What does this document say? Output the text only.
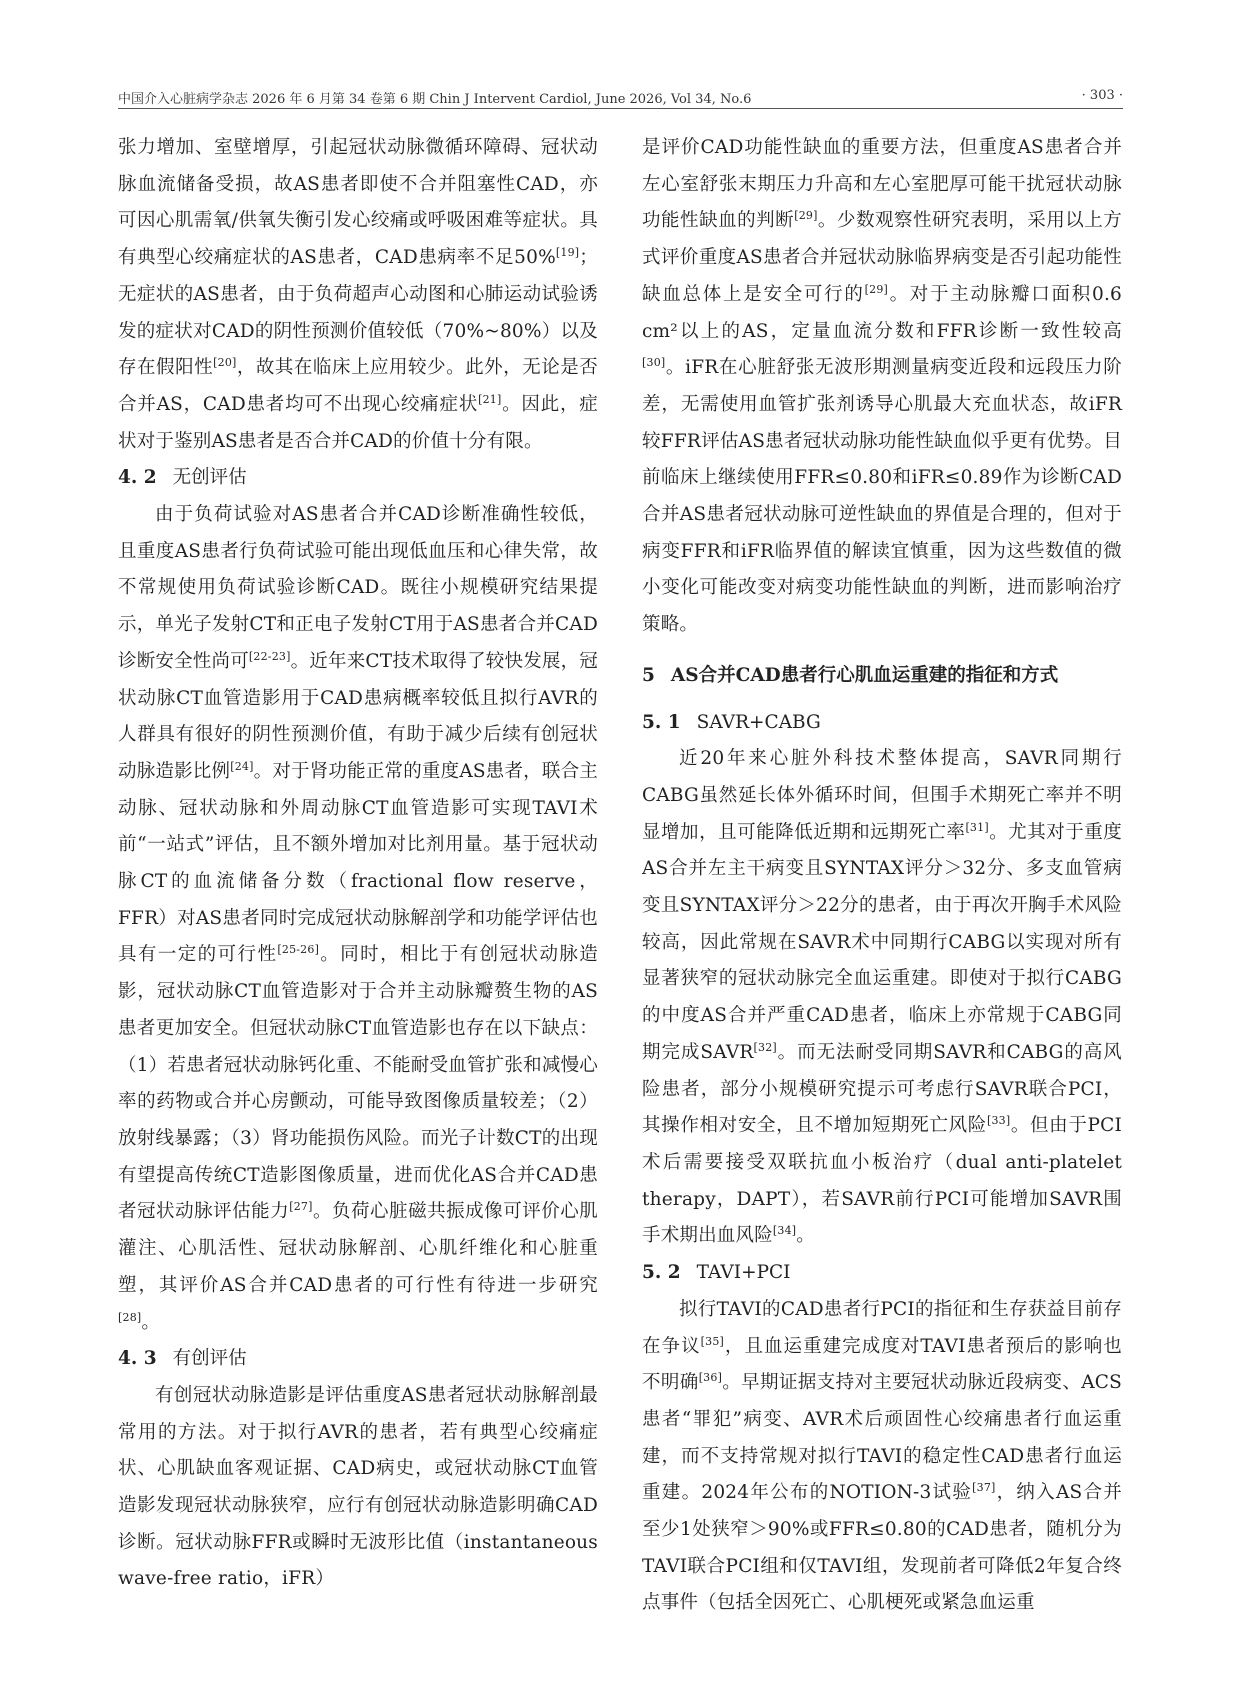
中国介入心脏病学杂志 2026 年 6 月第 34 卷第 6 期 Chin J Intervent Cardiol, June 2026, Vol 34, No.6	· 303 ·

张力增加、室壁增厚，引起冠状动脉微循环障碍、冠状动脉血流储备受损，故AS患者即使不合并阻塞性CAD，亦可因心肌需氧/供氧失衡引发心绞痛或呼吸困难等症状。具有典型心绞痛症状的AS患者，CAD患病率不足50%[19]；无症状的AS患者，由于负荷超声心动图和心肺运动试验诱发的症状对CAD的阴性预测价值较低（70%~80%）以及存在假阳性[20]，故其在临床上应用较少。此外，无论是否合并AS，CAD患者均可不出现心绞痛症状[21]。因此，症状对于鉴别AS患者是否合并CAD的价值十分有限。

4. 2 无创评估

由于负荷试验对AS患者合并CAD诊断准确性较低，且重度AS患者行负荷试验可能出现低血压和心律失常，故不常规使用负荷试验诊断CAD。既往小规模研究结果提示，单光子发射CT和正电子发射CT用于AS患者合并CAD诊断安全性尚可[22-23]。近年来CT技术取得了较快发展，冠状动脉CT血管造影用于CAD患病概率较低且拟行AVR的人群具有很好的阴性预测价值，有助于减少后续有创冠状动脉造影比例[24]。对于肾功能正常的重度AS患者，联合主动脉、冠状动脉和外周动脉CT血管造影可实现TAVI术前“一站式”评估，且不额外增加对比剂用量。基于冠状动脉CT的血流储备分数（fractional flow reserve，FFR）对AS患者同时完成冠状动脉解剖学和功能学评估也具有一定的可行性[25-26]。同时，相比于有创冠状动脉造影，冠状动脉CT血管造影对于合并主动脉瓣赘生物的AS患者更加安全。但冠状动脉CT血管造影也存在以下缺点：（1）若患者冠状动脉钙化重、不能耐受血管扩张和减慢心率的药物或合并心房颤动，可能导致图像质量较差；（2）放射线暴露；（3）肾功能损伤风险。而光子计数CT的出现有望提高传统CT造影图像质量，进而优化AS合并CAD患者冠状动脉评估能力[27]。负荷心脏磁共振成像可评价心肌灌注、心肌活性、冠状动脉解剖、心肌纤维化和心脏重塑，其评价AS合并CAD患者的可行性有待进一步研究[28]。

4. 3 有创评估

有创冠状动脉造影是评估重度AS患者冠状动脉解剖最常用的方法。对于拟行AVR的患者，若有典型心绞痛症状、心肌缺血客观证据、CAD病史，或冠状动脉CT血管造影发现冠状动脉狭窄，应行有创冠状动脉造影明确CAD诊断。冠状动脉FFR或瞬时无波形比值（instantaneous wave-free ratio，iFR）

是评价CAD功能性缺血的重要方法，但重度AS患者合并左心室舒张末期压力升高和左心室肥厚可能干扰冠状动脉功能性缺血的判断[29]。少数观察性研究表明，采用以上方式评价重度AS患者合并冠状动脉临界病变是否引起功能性缺血总体上是安全可行的[29]。对于主动脉瓣口面积0.6 cm²以上的AS，定量血流分数和FFR诊断一致性较高[30]。iFR在心脏舒张无波形期测量病变近段和远段压力阶差，无需使用血管扩张剂诱导心肌最大充血状态，故iFR较FFR评估AS患者冠状动脉功能性缺血似乎更有优势。目前临床上继续使用FFR≤0.80和iFR≤0.89作为诊断CAD合并AS患者冠状动脉可逆性缺血的界值是合理的，但对于病变FFR和iFR临界值的解读宜慎重，因为这些数值的微小变化可能改变对病变功能性缺血的判断，进而影响治疗策略。

5 AS合并CAD患者行心肌血运重建的指征和方式

5. 1 SAVR+CABG

近20年来心脏外科技术整体提高，SAVR同期行CABG虽然延长体外循环时间，但围手术期死亡率并不明显增加，且可能降低近期和远期死亡率[31]。尤其对于重度AS合并左主干病变且SYNTAX评分＞32分、多支血管病变且SYNTAX评分＞22分的患者，由于再次开胸手术风险较高，因此常规在SAVR术中同期行CABG以实现对所有显著狭窄的冠状动脉完全血运重建。即使对于拟行CABG的中度AS合并严重CAD患者，临床上亦常规于CABG同期完成SAVR[32]。而无法耐受同期SAVR和CABG的高风险患者，部分小规模研究提示可考虑行SAVR联合PCI，其操作相对安全，且不增加短期死亡风险[33]。但由于PCI术后需要接受双联抗血小板治疗（dual anti-platelet therapy，DAPT），若SAVR前行PCI可能增加SAVR围手术期出血风险[34]。

5. 2 TAVI+PCI

拟行TAVI的CAD患者行PCI的指征和生存获益目前存在争议[35]，且血运重建完成度对TAVI患者预后的影响也不明确[36]。早期证据支持对主要冠状动脉近段病变、ACS患者“罪犯”病变、AVR术后顽固性心绞痛患者行血运重建，而不支持常规对拟行TAVI的稳定性CAD患者行血运重建。2024年公布的NOTION-3试验[37]，纳入AS合并至少1处狭窄＞90%或FFR≤0.80的CAD患者，随机分为TAVI联合PCI组和仅TAVI组，发现前者可降低2年复合终点事件（包括全因死亡、心肌梗死或紧急血运重
